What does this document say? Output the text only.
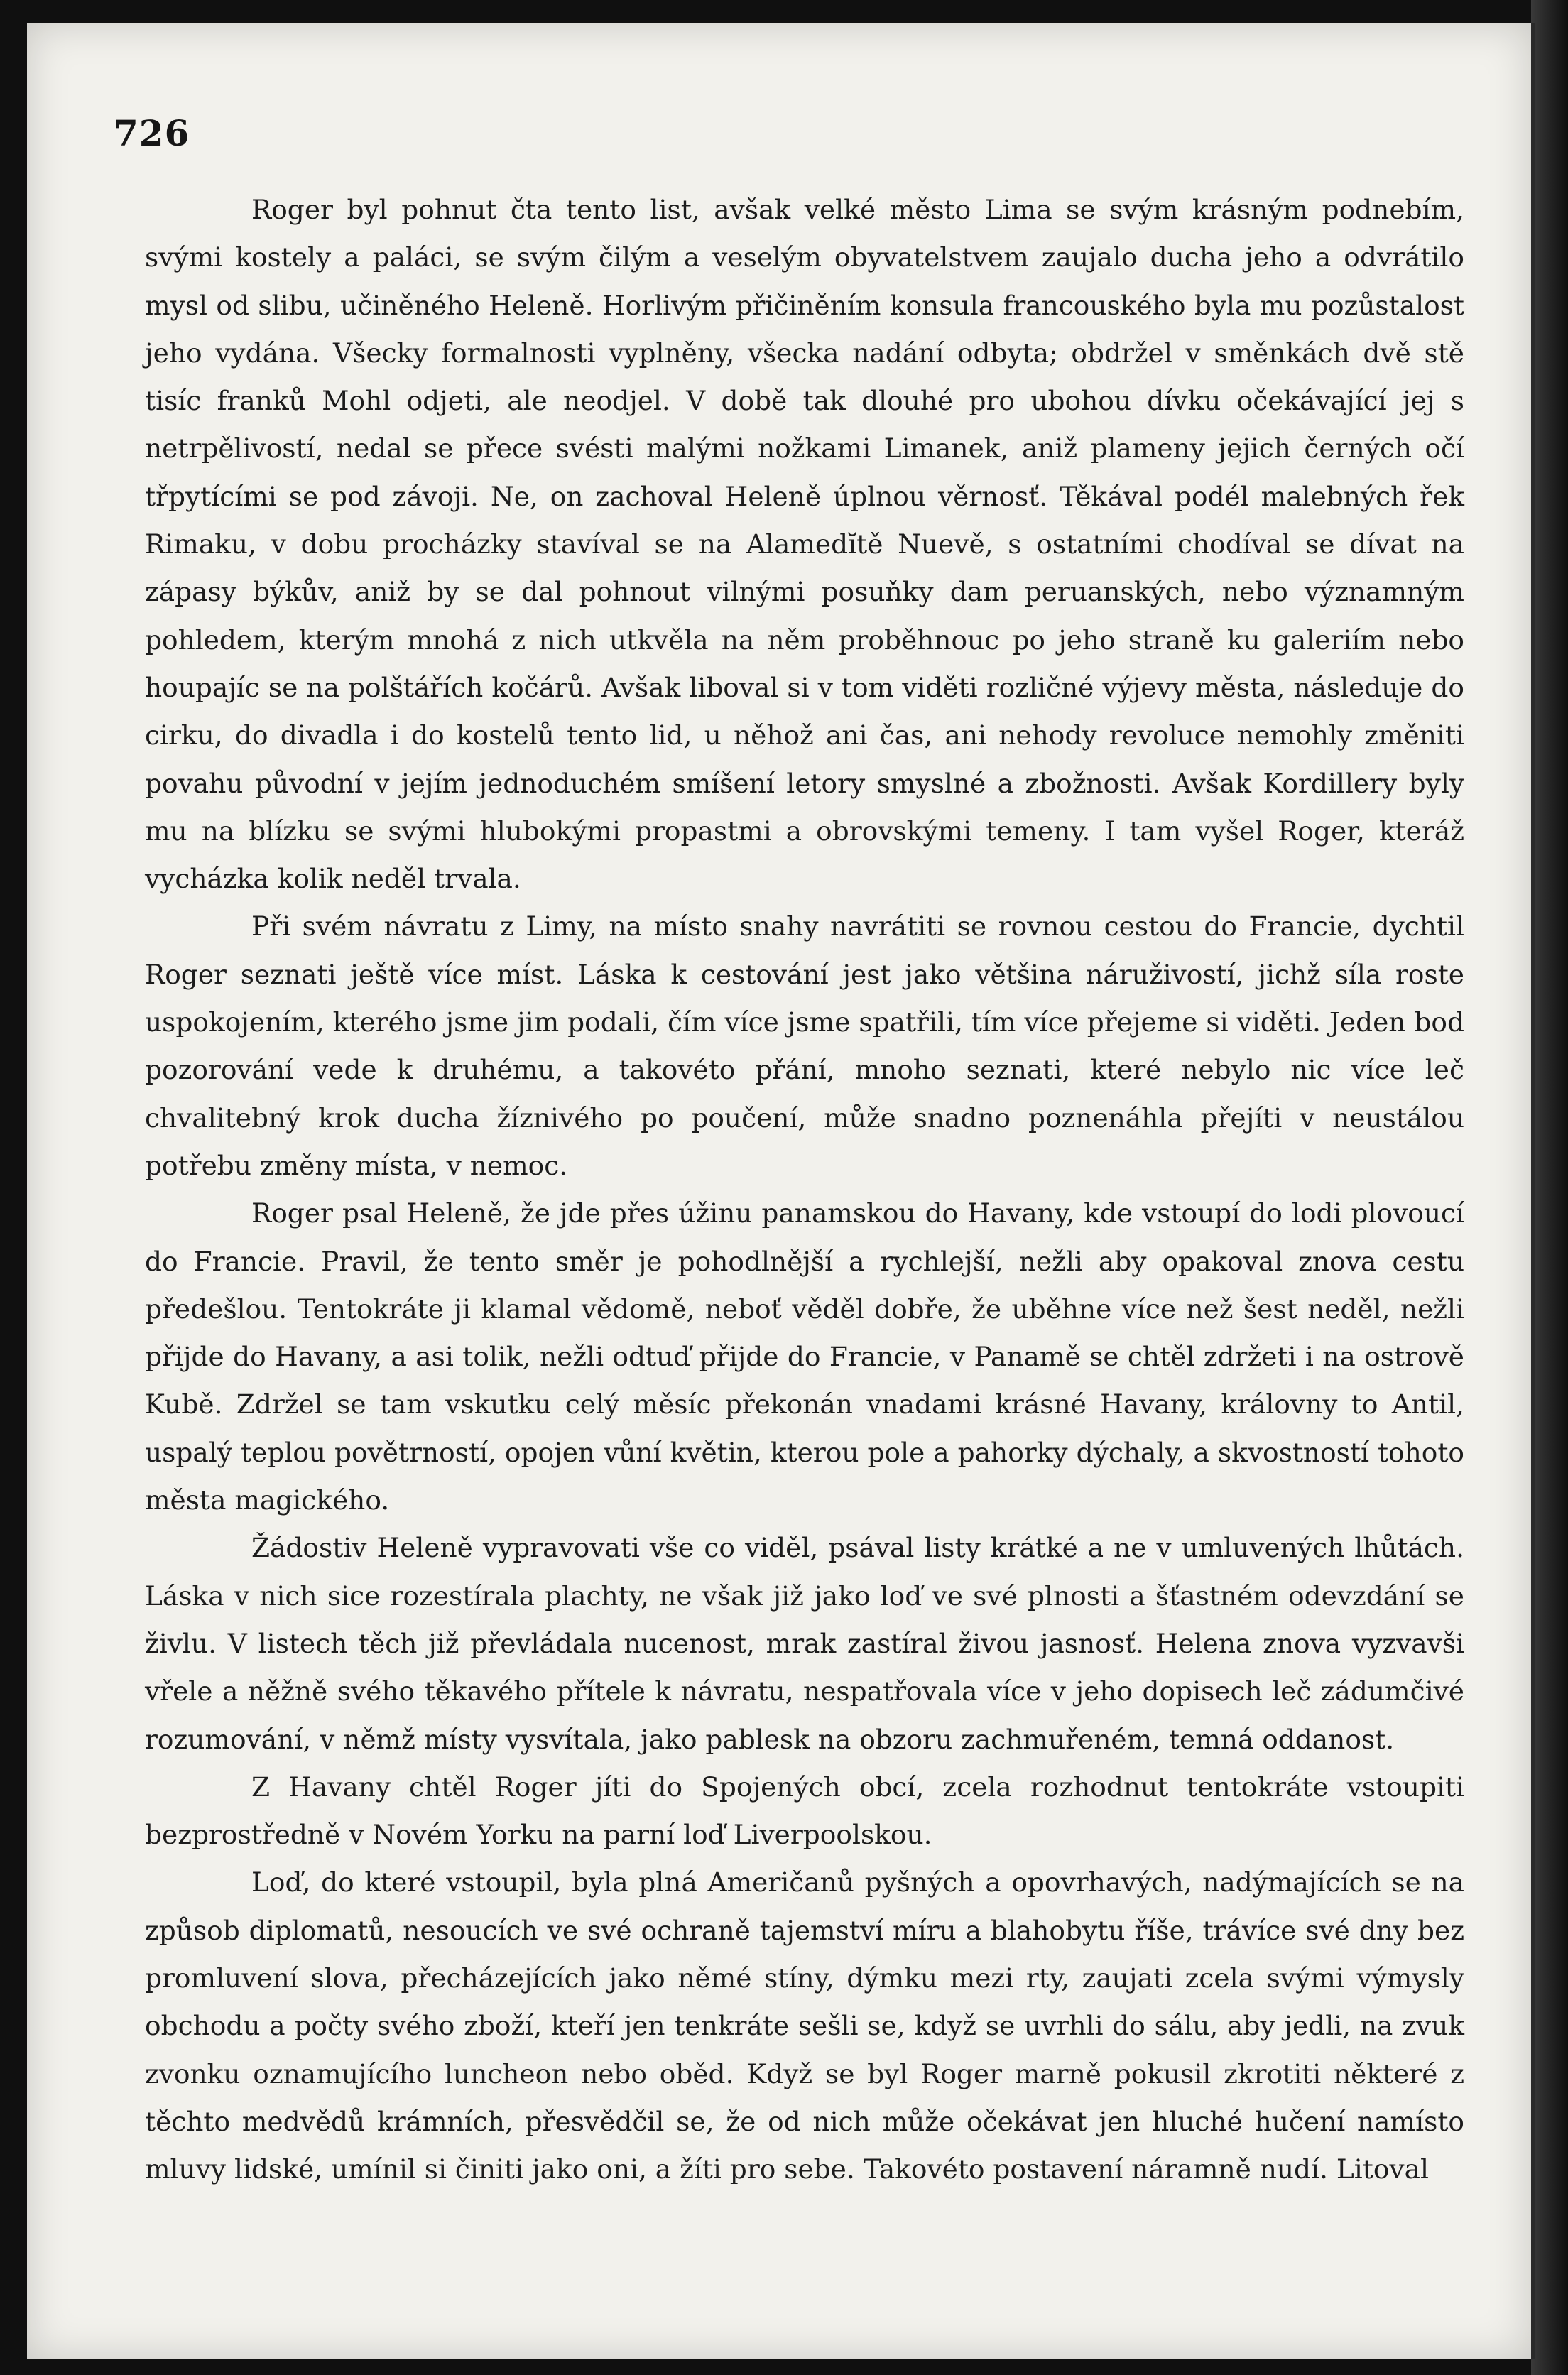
726

Roger byl pohnut čta tento list, avšak velké město Lima se svým krásným podnebím, svými kostely a paláci, se svým čilým a veselým obyvatelstvem zaujalo ducha jeho a odvrátilo mysl od slibu, učiněného Heleně. Horlivým přičiněním konsula francouského byla mu pozůstalost jeho vydána. Všecky formalnosti vyplněny, všecka nadání odbyta; obdržel v směnkách dvě stě tisíc franků Mohl odjeti, ale neodjel. V době tak dlouhé pro ubohou dívku očekávající jej s netrpělivostí, nedal se přece svésti malými nožkami Limanek, aniž plameny jejich černých očí třpytícími se pod závoji. Ne, on zachoval Heleně úplnou věrnosť. Těkával podél malebných řek Rimaku, v dobu procházky stavíval se na Alamedĭtě Nuevě, s ostatními chodíval se dívat na zápasy býkův, aniž by se dal pohnout vilnými posuňky dam peruanských, nebo významným pohledem, kterým mnohá z nich utkvěla na něm proběhnouc po jeho straně ku galeriím nebo houpajíc se na polštářích kočárů. Avšak liboval si v tom viděti rozličné výjevy města, následuje do cirku, do divadla i do kostelů tento lid, u něhož ani čas, ani nehody revoluce nemohly změniti povahu původní v jejím jednoduchém smíšení letory smyslné a zbožnosti. Avšak Kordillery byly mu na blízku se svými hlubokými propastmi a obrovskými temeny. I tam vyšel Roger, kteráž vycházka kolik neděl trvala.

Při svém návratu z Limy, na místo snahy navrátiti se rovnou cestou do Francie, dychtil Roger seznati ještě více míst. Láska k cestování jest jako většina náruživostí, jichž síla roste uspokojením, kterého jsme jim podali, čím více jsme spatřili, tím více přejeme si viděti. Jeden bod pozorování vede k druhému, a takovéto přání, mnoho seznati, které nebylo nic více leč chvalitebný krok ducha žíznivého po poučení, může snadno poznenáhla přejíti v neustálou potřebu změny místa, v nemoc.

Roger psal Heleně, že jde přes úžinu panamskou do Havany, kde vstoupí do lodi plovoucí do Francie. Pravil, že tento směr je pohodlnější a rychlejší, nežli aby opakoval znova cestu předešlou. Tentokráte ji klamal vědomě, neboť věděl dobře, že uběhne více než šest neděl, nežli přijde do Havany, a asi tolik, nežli odtuď přijde do Francie, v Panamě se chtěl zdržeti i na ostrově Kubě. Zdržel se tam vskutku celý měsíc překonán vnadami krásné Havany, královny to Antil, uspalý teplou povětrností, opojen vůní květin, kterou pole a pahorky dýchaly, a skvostností tohoto města magického.

Žádostiv Heleně vypravovati vše co viděl, psával listy krátké a ne v umluvených lhůtách. Láska v nich sice rozestírala plachty, ne však již jako loď ve své plnosti a šťastném odevzdání se živlu. V listech těch již převládala nucenost, mrak zastíral živou jasnosť. Helena znova vyzvavši vřele a něžně svého těkavého přítele k návratu, nespatřovala více v jeho dopisech leč zádumčivé rozumování, v němž místy vysvítala, jako pablesk na obzoru zachmuřeném, temná oddanost.

Z Havany chtěl Roger jíti do Spojených obcí, zcela rozhodnut tentokráte vstoupiti bezprostředně v Novém Yorku na parní loď Liverpoolskou.

Loď, do které vstoupil, byla plná Američanů pyšných a opovrhavých, nadýmajících se na způsob diplomatů, nesoucích ve své ochraně tajemství míru a blahobytu říše, trávíce své dny bez promluvení slova, přecházejících jako němé stíny, dýmku mezi rty, zaujati zcela svými výmysly obchodu a počty svého zboží, kteří jen tenkráte sešli se, když se uvrhli do sálu, aby jedli, na zvuk zvonku oznamujícího luncheon nebo oběd. Když se byl Roger marně pokusil zkrotiti některé z těchto medvědů krámních, přesvědčil se, že od nich může očekávat jen hluché hučení namísto mluvy lidské, umínil si činiti jako oni, a žíti pro sebe. Takovéto postavení náramně nudí. Litoval
